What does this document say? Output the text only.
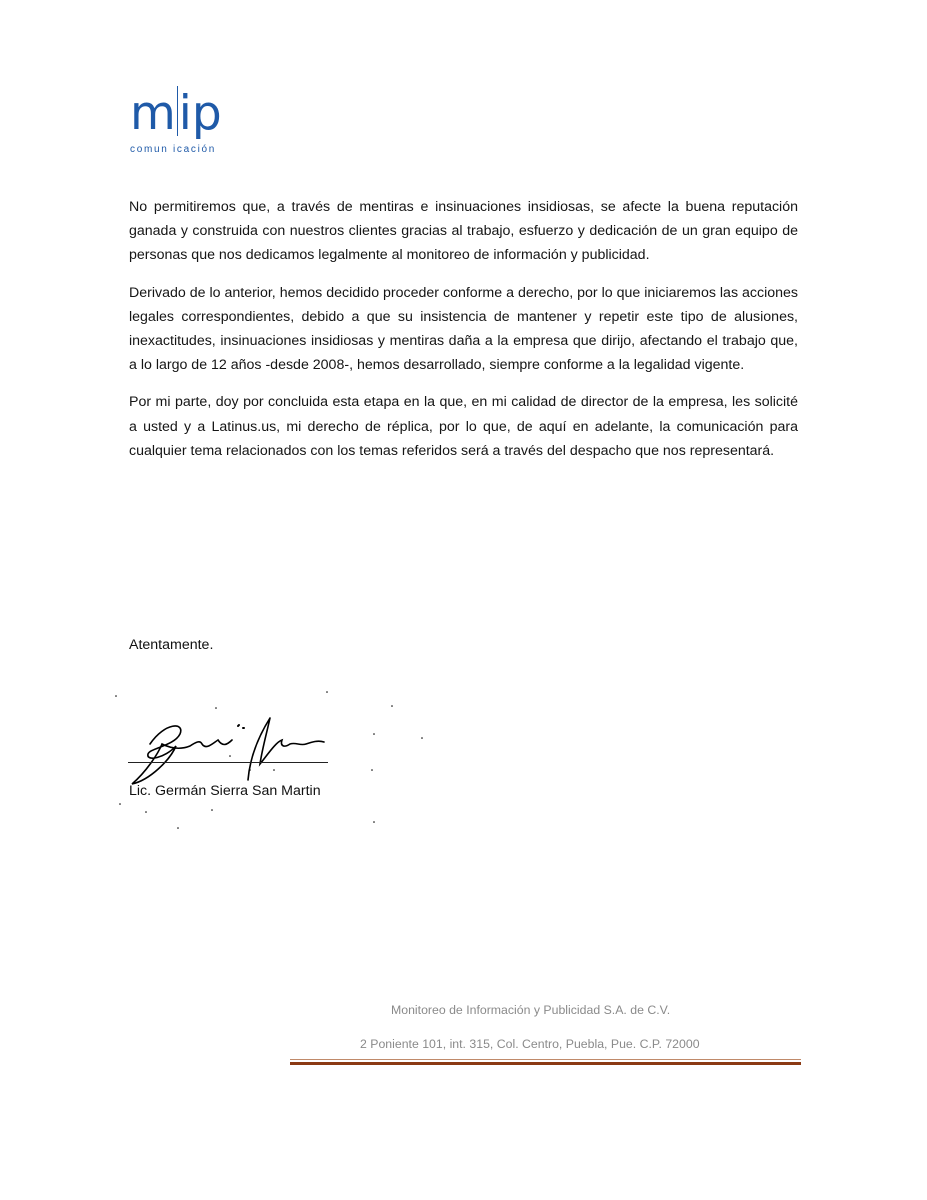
mip
comun icación

No permitiremos que, a través de mentiras e insinuaciones insidiosas, se afecte la buena reputación ganada y construida con nuestros clientes gracias al trabajo, esfuerzo y dedicación de un gran equipo de personas que nos dedicamos legalmente al monitoreo de información y publicidad.

Derivado de lo anterior, hemos decidido proceder conforme a derecho, por lo que iniciaremos las acciones legales correspondientes, debido a que su insistencia de mantener y repetir este tipo de alusiones, inexactitudes, insinuaciones insidiosas y mentiras daña a la empresa que dirijo, afectando el trabajo que, a lo largo de 12 años -desde 2008-, hemos desarrollado, siempre conforme a la legalidad vigente.

Por mi parte, doy por concluida esta etapa en la que, en mi calidad de director de la empresa, les solicité a usted y a Latinus.us, mi derecho de réplica, por lo que, de aquí en adelante, la comunicación para cualquier tema relacionados con los temas referidos será a través del despacho que nos representará.

Atentamente.
Lic. Germán Sierra San Martin
Monitoreo de Información y Publicidad S.A. de C.V.
2 Poniente 101, int. 315, Col. Centro, Puebla, Pue. C.P. 72000
